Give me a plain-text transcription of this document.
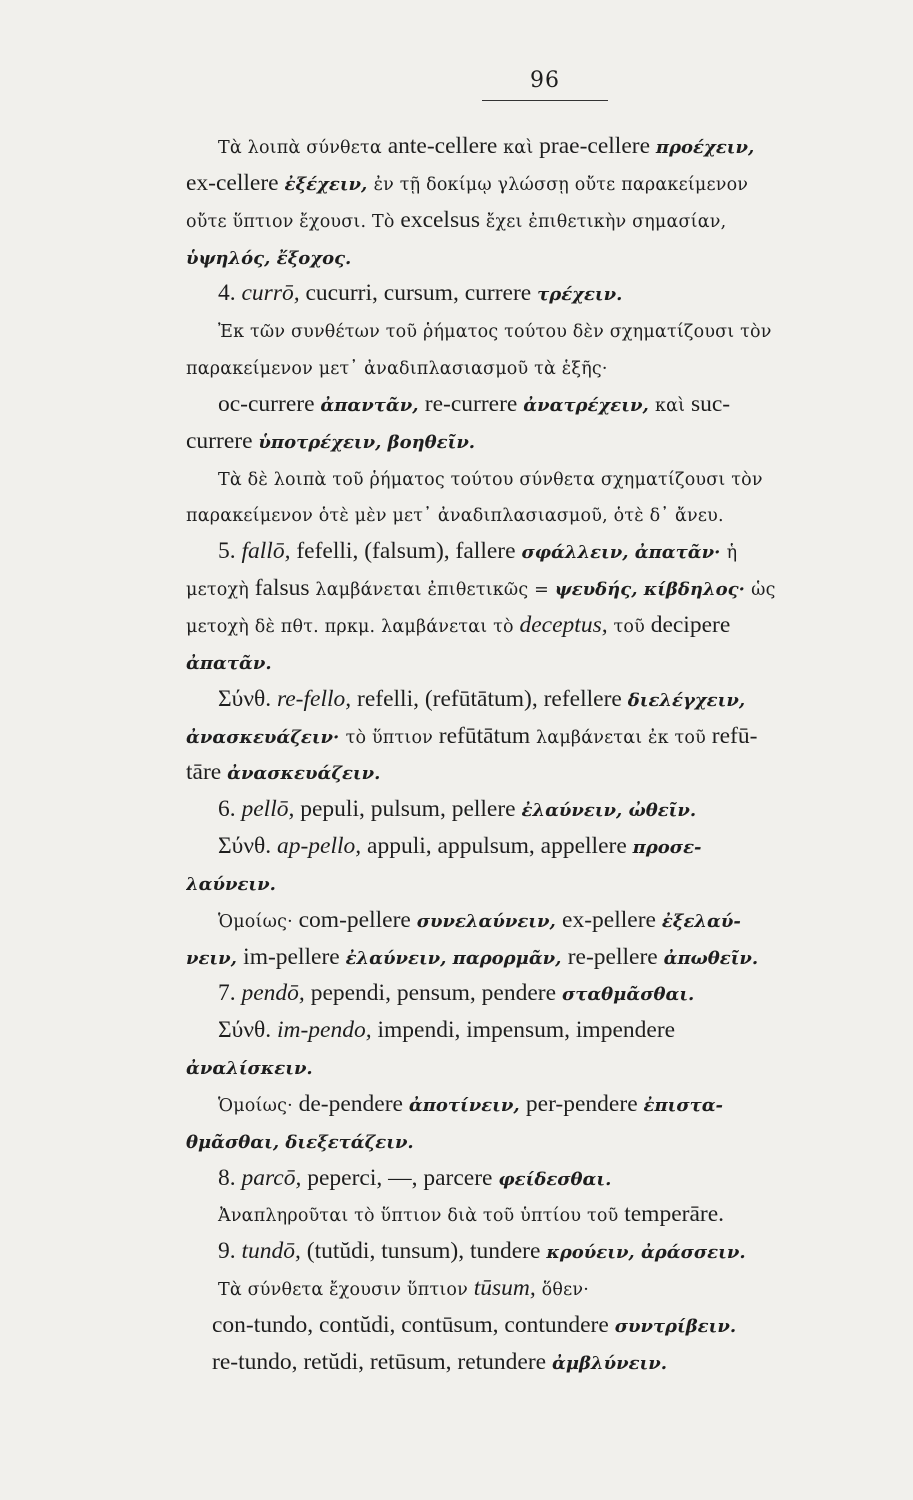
96
Τὰ λοιπὰ σύνθετα ante-cellere καὶ prae-cellere προέχειν,
ex-cellere ἐξέχειν, ἐν τῇ δοκίμῳ γλώσσῃ οὔτε παρακείμενον
οὔτε ὕπτιον ἔχουσι. Τὸ excelsus ἔχει ἐπιθετικὴν σημασίαν,
ὑψηλός, ἔξοχος.
4. currō, cucurri, cursum, currere τρέχειν.
Ἐκ τῶν συνθέτων τοῦ ῥήματος τούτου δὲν σχηματίζουσι τὸν
παρακείμενον μετ᾽ ἀναδιπλασιασμοῦ τὰ ἑξῆς·
oc-currere ἀπαντᾶν, re-currere ἀνατρέχειν, καὶ suc-
currere ὑποτρέχειν, βοηθεῖν.
Τὰ δὲ λοιπὰ τοῦ ῥήματος τούτου σύνθετα σχηματίζουσι τὸν
παρακείμενον ὁτὲ μὲν μετ᾽ ἀναδιπλασιασμοῦ, ὁτὲ δ᾽ ἄνευ.
5. fallō, fefelli, (falsum), fallere σφάλλειν, ἀπατᾶν· ἡ
μετοχὴ falsus λαμβάνεται ἐπιθετικῶς = ψευδής, κίβδηλος· ὡς
μετοχὴ δὲ πθτ. πρκμ. λαμβάνεται τὸ deceptus, τοῦ decipere
ἀπατᾶν.
Σύνθ. re-fello, refelli, (refūtātum), refellere διελέγχειν,
ἀνασκευάζειν· τὸ ὕπτιον refūtātum λαμβάνεται ἐκ τοῦ refū-
tāre ἀνασκευάζειν.
6. pellō, pepuli, pulsum, pellere ἐλαύνειν, ὠθεῖν.
Σύνθ. ap-pello, appuli, appulsum, appellere προσε-
λαύνειν.
Ὁμοίως· com-pellere συνελαύνειν, ex-pellere ἐξελαύ-
νειν, im-pellere ἐλαύνειν, παρορμᾶν, re-pellere ἀπωθεῖν.
7. pendō, pependi, pensum, pendere σταθμᾶσθαι.
Σύνθ. im-pendo, impendi, impensum, impendere
ἀναλίσκειν.
Ὁμοίως· de-pendere ἀποτίνειν, per-pendere ἐπιστα-
θμᾶσθαι, διεξετάζειν.
8. parcō, peperci, —, parcere φείδεσθαι.
Ἀναπληροῦται τὸ ὕπτιον διὰ τοῦ ὑπτίου τοῦ temperāre.
9. tundō, (tutŭdi, tunsum), tundere κρούειν, ἀράσσειν.
Τὰ σύνθετα ἔχουσιν ὕπτιον tūsum, ὅθεν·
con-tundo, contŭdi, contūsum, contundere συντρίβειν.
re-tundo, retŭdi, retūsum, retundere ἀμβλύνειν.
